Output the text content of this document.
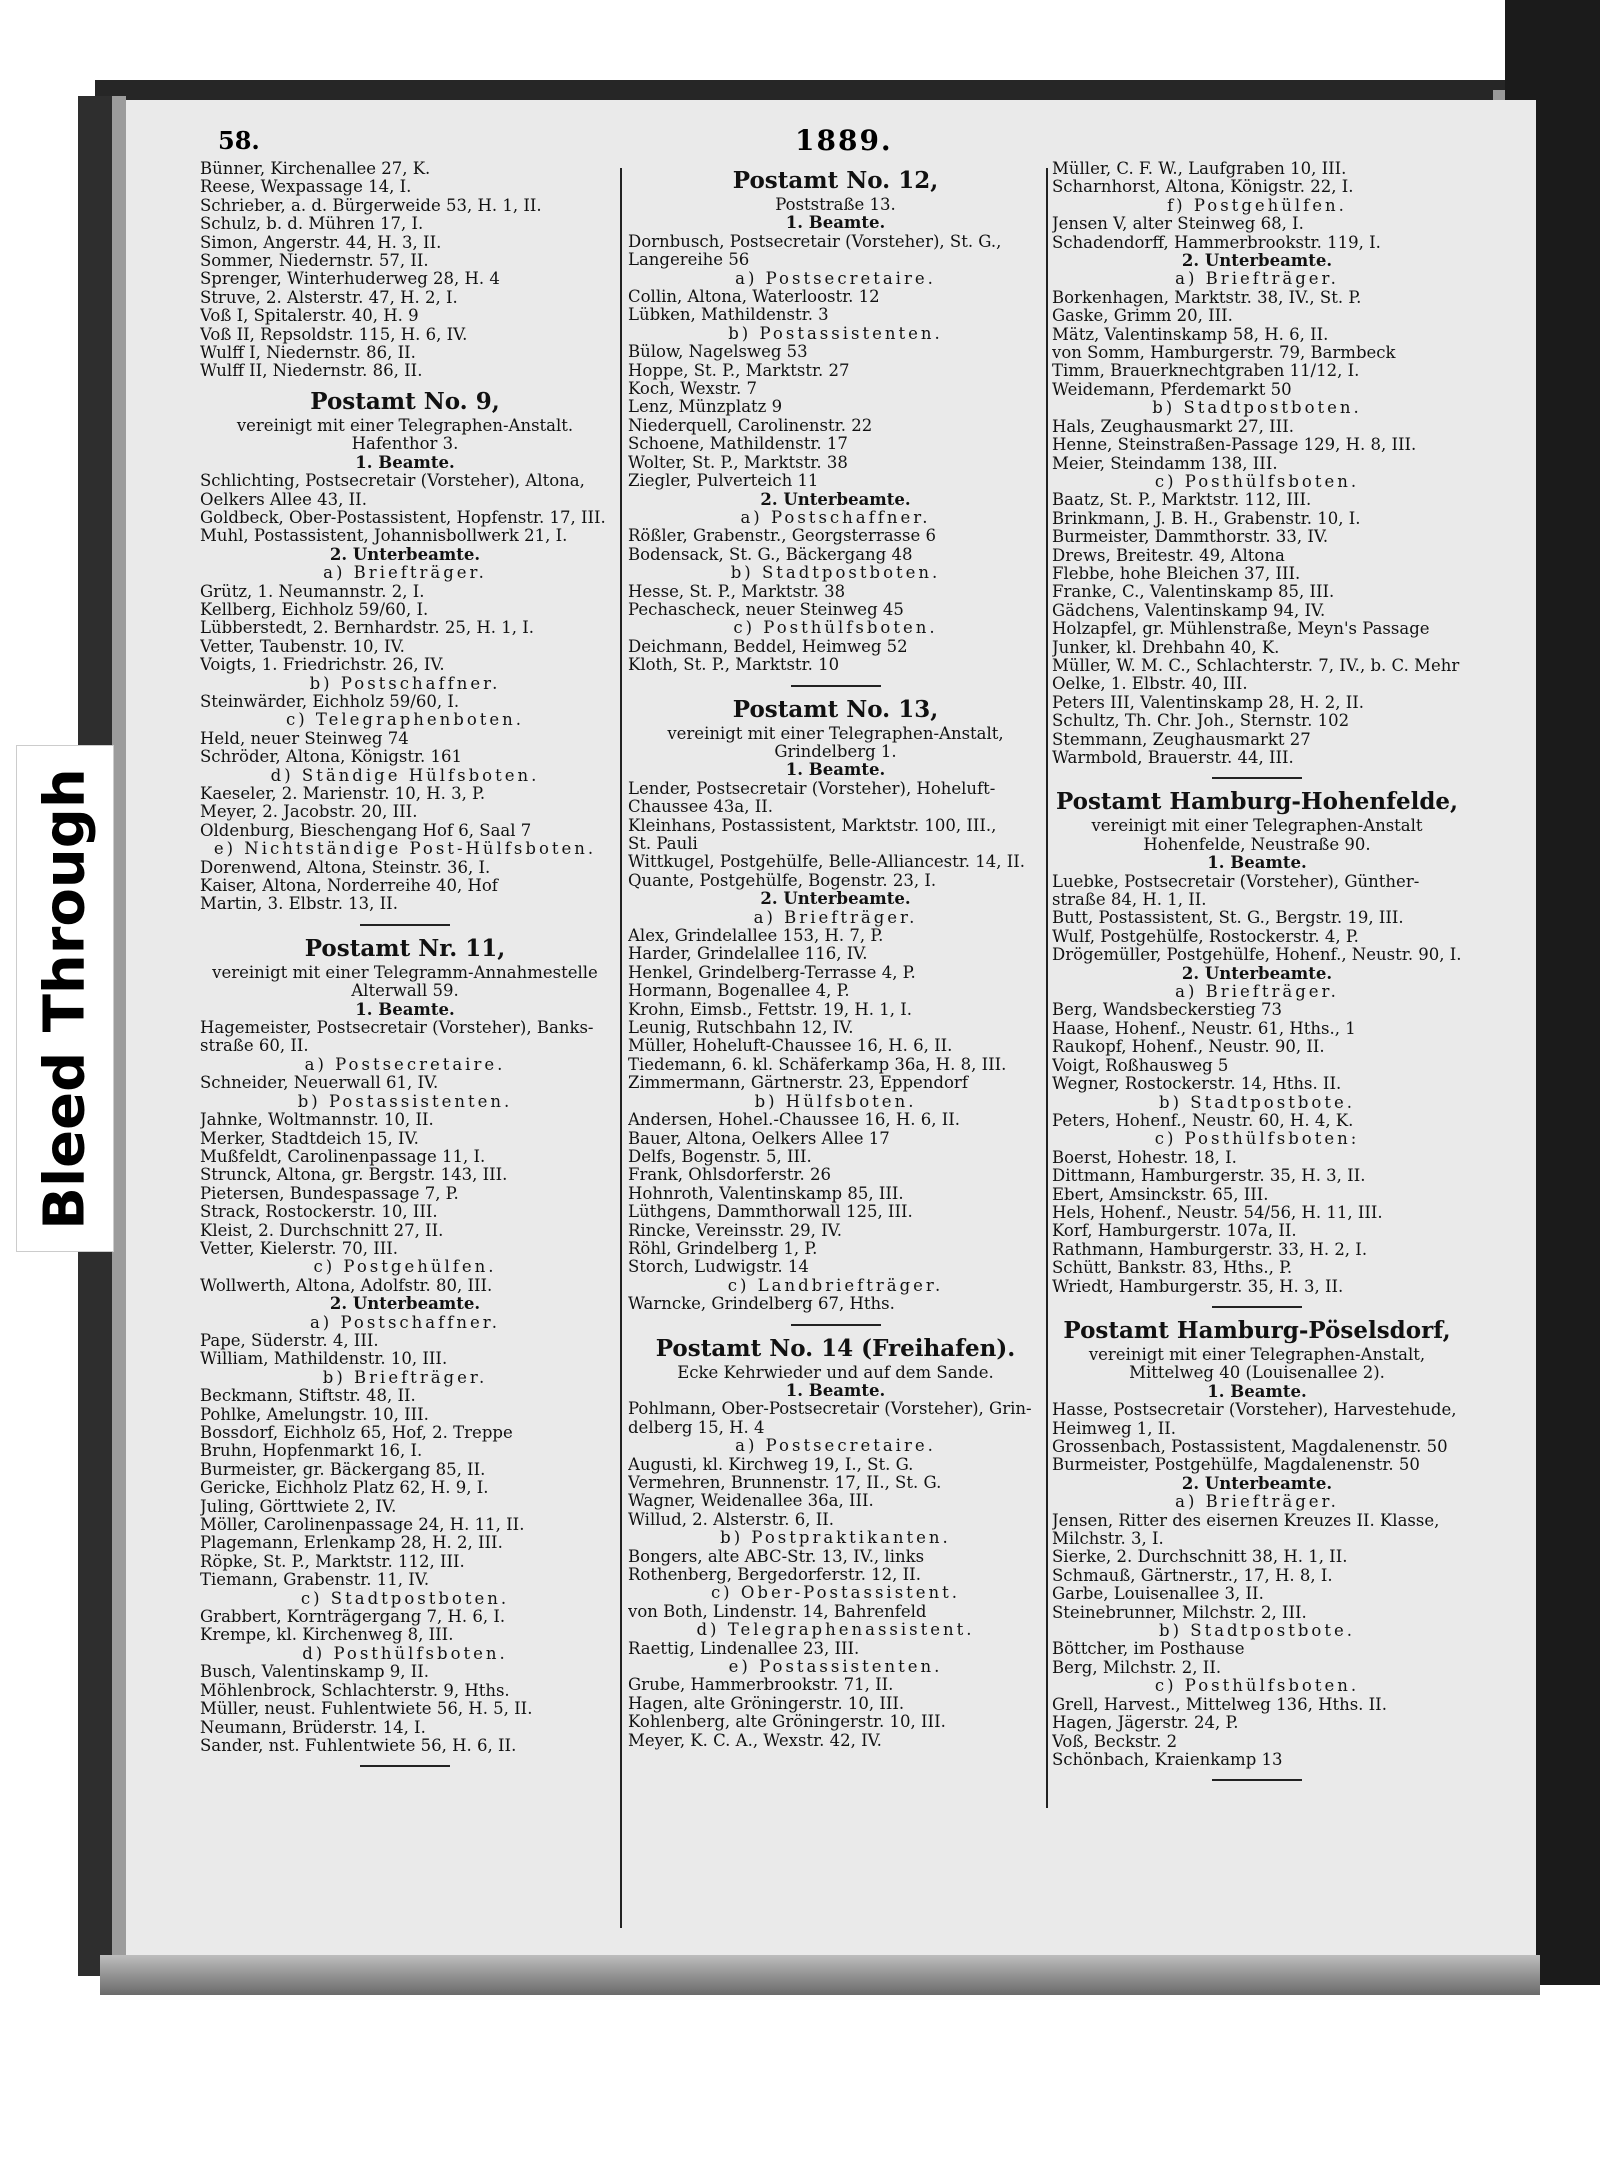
Bleed Through
58.	1889.
Bünner, Kirchenallee 27, K.
Reese, Wexpassage 14, I.
Schrieber, a. d. Bürgerweide 53, H. 1, II.
Schulz, b. d. Mühren 17, I.
Simon, Angerstr. 44, H. 3, II.
Sommer, Niedernstr. 57, II.
Sprenger, Winterhuderweg 28, H. 4
Struve, 2. Alsterstr. 47, H. 2, I.
Voß I, Spitalerstr. 40, H. 9
Voß II, Repsoldstr. 115, H. 6, IV.
Wulff I, Niedernstr. 86, II.
Wulff II, Niedernstr. 86, II.
Postamt No. 9,
vereinigt mit einer Telegraphen-Anstalt.
Hafenthor 3.
1. Beamte.
Schlichting, Postsecretair (Vorsteher), Altona,
Oelkers Allee 43, II.
Goldbeck, Ober-Postassistent, Hopfenstr. 17, III.
Muhl, Postassistent, Johannisbollwerk 21, I.
2. Unterbeamte.
a) Briefträger.
Grütz, 1. Neumannstr. 2, I.
Kellberg, Eichholz 59/60, I.
Lübberstedt, 2. Bernhardstr. 25, H. 1, I.
Vetter, Taubenstr. 10, IV.
Voigts, 1. Friedrichstr. 26, IV.
b) Postschaffner.
Steinwärder, Eichholz 59/60, I.
c) Telegraphenboten.
Held, neuer Steinweg 74
Schröder, Altona, Königstr. 161
d) Ständige Hülfsboten.
Kaeseler, 2. Marienstr. 10, H. 3, P.
Meyer, 2. Jacobstr. 20, III.
Oldenburg, Bieschengang Hof 6, Saal 7
e) Nichtständige Post-Hülfsboten.
Dorenwend, Altona, Steinstr. 36, I.
Kaiser, Altona, Norderreihe 40, Hof
Martin, 3. Elbstr. 13, II.
Postamt Nr. 11,
vereinigt mit einer Telegramm-Annahmestelle
Alterwall 59.
1. Beamte.
Hagemeister, Postsecretair (Vorsteher), Banks-
straße 60, II.
a) Postsecretaire.
Schneider, Neuerwall 61, IV.
b) Postassistenten.
Jahnke, Woltmannstr. 10, II.
Merker, Stadtdeich 15, IV.
Mußfeldt, Carolinenpassage 11, I.
Strunck, Altona, gr. Bergstr. 143, III.
Pietersen, Bundespassage 7, P.
Strack, Rostockerstr. 10, III.
Kleist, 2. Durchschnitt 27, II.
Vetter, Kielerstr. 70, III.
c) Postgehülfen.
Wollwerth, Altona, Adolfstr. 80, III.
2. Unterbeamte.
a) Postschaffner.
Pape, Süderstr. 4, III.
William, Mathildenstr. 10, III.
b) Briefträger.
Beckmann, Stiftstr. 48, II.
Pohlke, Amelungstr. 10, III.
Bossdorf, Eichholz 65, Hof, 2. Treppe
Bruhn, Hopfenmarkt 16, I.
Burmeister, gr. Bäckergang 85, II.
Gericke, Eichholz Platz 62, H. 9, I.
Juling, Görttwiete 2, IV.
Möller, Carolinenpassage 24, H. 11, II.
Plagemann, Erlenkamp 28, H. 2, III.
Röpke, St. P., Marktstr. 112, III.
Tiemann, Grabenstr. 11, IV.
c) Stadtpostboten.
Grabbert, Kornträgergang 7, H. 6, I.
Krempe, kl. Kirchenweg 8, III.
d) Posthülfsboten.
Busch, Valentinskamp 9, II.
Möhlenbrock, Schlachterstr. 9, Hths.
Müller, neust. Fuhlentwiete 56, H. 5, II.
Neumann, Brüderstr. 14, I.
Sander, nst. Fuhlentwiete 56, H. 6, II.
Postamt No. 12,
Poststraße 13.
1. Beamte.
Dornbusch, Postsecretair (Vorsteher), St. G.,
Langereihe 56
a) Postsecretaire.
Collin, Altona, Waterloostr. 12
Lübken, Mathildenstr. 3
b) Postassistenten.
Bülow, Nagelsweg 53
Hoppe, St. P., Marktstr. 27
Koch, Wexstr. 7
Lenz, Münzplatz 9
Niederquell, Carolinenstr. 22
Schoene, Mathildenstr. 17
Wolter, St. P., Marktstr. 38
Ziegler, Pulverteich 11
2. Unterbeamte.
a) Postschaffner.
Rößler, Grabenstr., Georgsterrasse 6
Bodensack, St. G., Bäckergang 48
b) Stadtpostboten.
Hesse, St. P., Marktstr. 38
Pechascheck, neuer Steinweg 45
c) Posthülfsboten.
Deichmann, Beddel, Heimweg 52
Kloth, St. P., Marktstr. 10
Postamt No. 13,
vereinigt mit einer Telegraphen-Anstalt,
Grindelberg 1.
1. Beamte.
Lender, Postsecretair (Vorsteher), Hoheluft-
Chaussee 43a, II.
Kleinhans, Postassistent, Marktstr. 100, III.,
St. Pauli
Wittkugel, Postgehülfe, Belle-Alliancestr. 14, II.
Quante, Postgehülfe, Bogenstr. 23, I.
2. Unterbeamte.
a) Briefträger.
Alex, Grindelallee 153, H. 7, P.
Harder, Grindelallee 116, IV.
Henkel, Grindelberg-Terrasse 4, P.
Hormann, Bogenallee 4, P.
Krohn, Eimsb., Fettstr. 19, H. 1, I.
Leunig, Rutschbahn 12, IV.
Müller, Hoheluft-Chaussee 16, H. 6, II.
Tiedemann, 6. kl. Schäferkamp 36a, H. 8, III.
Zimmermann, Gärtnerstr. 23, Eppendorf
b) Hülfsboten.
Andersen, Hohel.-Chaussee 16, H. 6, II.
Bauer, Altona, Oelkers Allee 17
Delfs, Bogenstr. 5, III.
Frank, Ohlsdorferstr. 26
Hohnroth, Valentinskamp 85, III.
Lüthgens, Dammthorwall 125, III.
Rincke, Vereinsstr. 29, IV.
Röhl, Grindelberg 1, P.
Storch, Ludwigstr. 14
c) Landbriefträger.
Warncke, Grindelberg 67, Hths.
Postamt No. 14 (Freihafen).
Ecke Kehrwieder und auf dem Sande.
1. Beamte.
Pohlmann, Ober-Postsecretair (Vorsteher), Grin-
delberg 15, H. 4
a) Postsecretaire.
Augusti, kl. Kirchweg 19, I., St. G.
Vermehren, Brunnenstr. 17, II., St. G.
Wagner, Weidenallee 36a, III.
Willud, 2. Alsterstr. 6, II.
b) Postpraktikanten.
Bongers, alte ABC-Str. 13, IV., links
Rothenberg, Bergedorferstr. 12, II.
c) Ober-Postassistent.
von Both, Lindenstr. 14, Bahrenfeld
d) Telegraphenassistent.
Raettig, Lindenallee 23, III.
e) Postassistenten.
Grube, Hammerbrookstr. 71, II.
Hagen, alte Gröningerstr. 10, III.
Kohlenberg, alte Gröningerstr. 10, III.
Meyer, K. C. A., Wexstr. 42, IV.
Müller, C. F. W., Laufgraben 10, III.
Scharnhorst, Altona, Königstr. 22, I.
f) Postgehülfen.
Jensen V, alter Steinweg 68, I.
Schadendorff, Hammerbrookstr. 119, I.
2. Unterbeamte.
a) Briefträger.
Borkenhagen, Marktstr. 38, IV., St. P.
Gaske, Grimm 20, III.
Mätz, Valentinskamp 58, H. 6, II.
von Somm, Hamburgerstr. 79, Barmbeck
Timm, Brauerknechtgraben 11/12, I.
Weidemann, Pferdemarkt 50
b) Stadtpostboten.
Hals, Zeughausmarkt 27, III.
Henne, Steinstraßen-Passage 129, H. 8, III.
Meier, Steindamm 138, III.
c) Posthülfsboten.
Baatz, St. P., Marktstr. 112, III.
Brinkmann, J. B. H., Grabenstr. 10, I.
Burmeister, Dammthorstr. 33, IV.
Drews, Breitestr. 49, Altona
Flebbe, hohe Bleichen 37, III.
Franke, C., Valentinskamp 85, III.
Gädchens, Valentinskamp 94, IV.
Holzapfel, gr. Mühlenstraße, Meyn's Passage
Junker, kl. Drehbahn 40, K.
Müller, W. M. C., Schlachterstr. 7, IV., b. C. Mehr
Oelke, 1. Elbstr. 40, III.
Peters III, Valentinskamp 28, H. 2, II.
Schultz, Th. Chr. Joh., Sternstr. 102
Stemmann, Zeughausmarkt 27
Warmbold, Brauerstr. 44, III.
Postamt Hamburg-Hohenfelde,
vereinigt mit einer Telegraphen-Anstalt
Hohenfelde, Neustraße 90.
1. Beamte.
Luebke, Postsecretair (Vorsteher), Günther-
straße 84, H. 1, II.
Butt, Postassistent, St. G., Bergstr. 19, III.
Wulf, Postgehülfe, Rostockerstr. 4, P.
Drögemüller, Postgehülfe, Hohenf., Neustr. 90, I.
2. Unterbeamte.
a) Briefträger.
Berg, Wandsbeckerstieg 73
Haase, Hohenf., Neustr. 61, Hths., 1
Raukopf, Hohenf., Neustr. 90, II.
Voigt, Roßhausweg 5
Wegner, Rostockerstr. 14, Hths. II.
b) Stadtpostbote.
Peters, Hohenf., Neustr. 60, H. 4, K.
c) Posthülfsboten:
Boerst, Hohestr. 18, I.
Dittmann, Hamburgerstr. 35, H. 3, II.
Ebert, Amsinckstr. 65, III.
Hels, Hohenf., Neustr. 54/56, H. 11, III.
Korf, Hamburgerstr. 107a, II.
Rathmann, Hamburgerstr. 33, H. 2, I.
Schütt, Bankstr. 83, Hths., P.
Wriedt, Hamburgerstr. 35, H. 3, II.
Postamt Hamburg-Pöselsdorf,
vereinigt mit einer Telegraphen-Anstalt,
Mittelweg 40 (Louisenallee 2).
1. Beamte.
Hasse, Postsecretair (Vorsteher), Harvestehude,
Heimweg 1, II.
Grossenbach, Postassistent, Magdalenenstr. 50
Burmeister, Postgehülfe, Magdalenenstr. 50
2. Unterbeamte.
a) Briefträger.
Jensen, Ritter des eisernen Kreuzes II. Klasse,
Milchstr. 3, I.
Sierke, 2. Durchschnitt 38, H. 1, II.
Schmauß, Gärtnerstr., 17, H. 8, I.
Garbe, Louisenallee 3, II.
Steinebrunner, Milchstr. 2, III.
b) Stadtpostbote.
Böttcher, im Posthause
Berg, Milchstr. 2, II.
c) Posthülfsboten.
Grell, Harvest., Mittelweg 136, Hths. II.
Hagen, Jägerstr. 24, P.
Voß, Beckstr. 2
Schönbach, Kraienkamp 13
